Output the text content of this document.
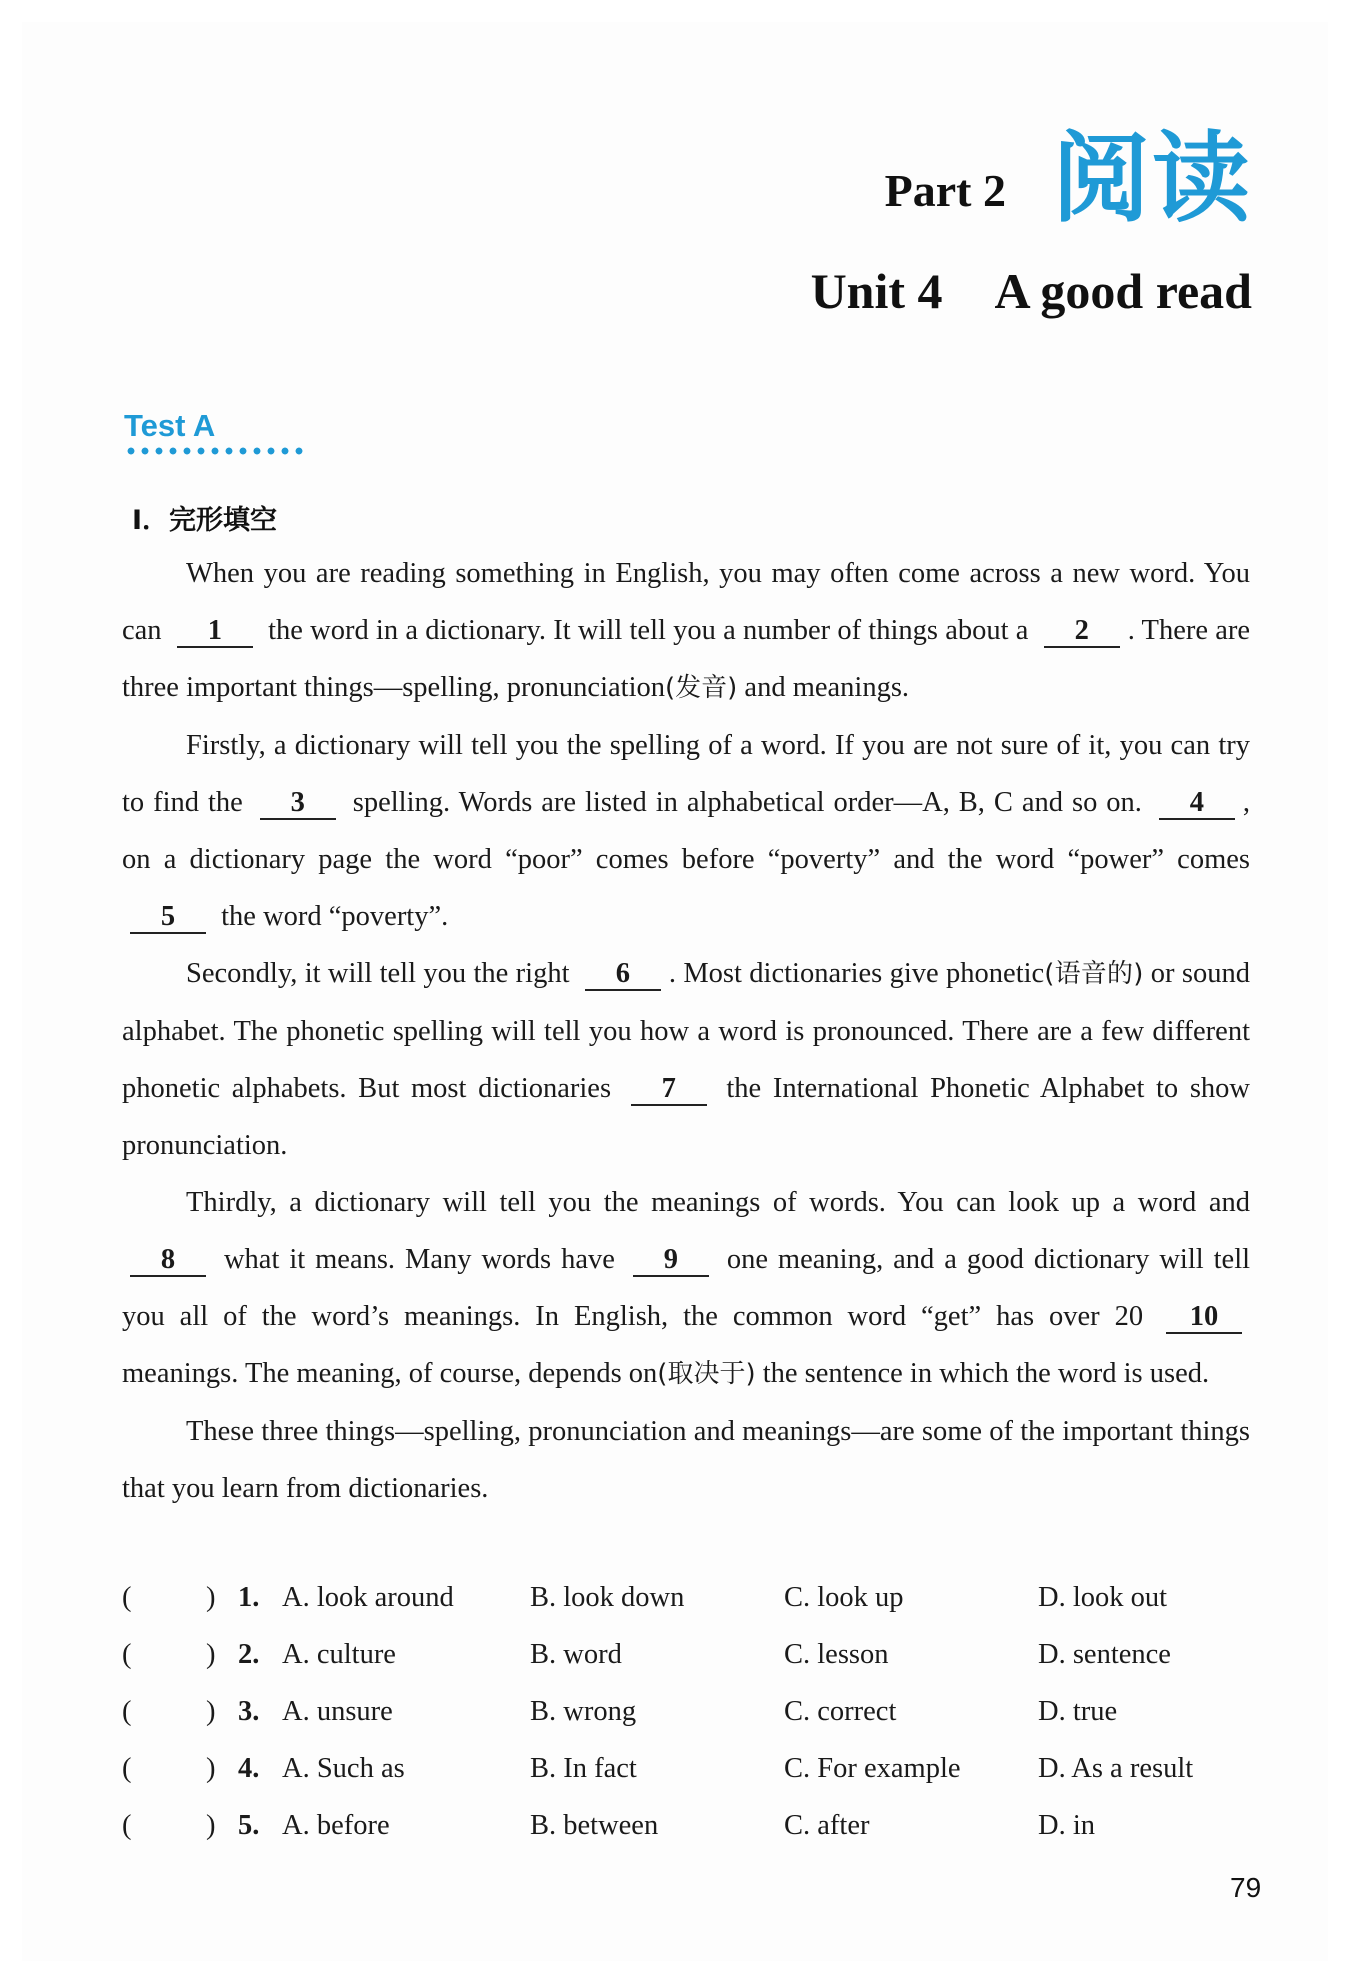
Part 2 阅读
Unit 4 A good read
Test A
Ⅰ．完形填空

When you are reading something in English, you may often come across a new word. You can 1 the word in a dictionary. It will tell you a number of things about a 2 . There are three important things—spelling, pronunciation(发音) and meanings.

Firstly, a dictionary will tell you the spelling of a word. If you are not sure of it, you can try to find the 3 spelling. Words are listed in alphabetical order—A, B, C and so on. 4 , on a dictionary page the word “poor” comes before “poverty” and the word “power” comes 5 the word “poverty”.

Secondly, it will tell you the right 6 . Most dictionaries give phonetic(语音的) or sound alphabet. The phonetic spelling will tell you how a word is pronounced. There are a few different phonetic alphabets. But most dictionaries 7 the International Phonetic Alphabet to show pronunciation.

Thirdly, a dictionary will tell you the meanings of words. You can look up a word and 8 what it means. Many words have 9 one meaning, and a good dictionary will tell you all of the word’s meanings. In English, the common word “get” has over 20 10 meanings. The meaning, of course, depends on(取决于) the sentence in which the word is used.

These three things—spelling, pronunciation and meanings—are some of the important things that you learn from dictionaries.

(	) 1. A. look around	B. look down	C. look up	D. look out
(	) 2. A. culture	B. word	C. lesson	D. sentence
(	) 3. A. unsure	B. wrong	C. correct	D. true
(	) 4. A. Such as	B. In fact	C. For example	D. As a result
(	) 5. A. before	B. between	C. after	D. in
79
